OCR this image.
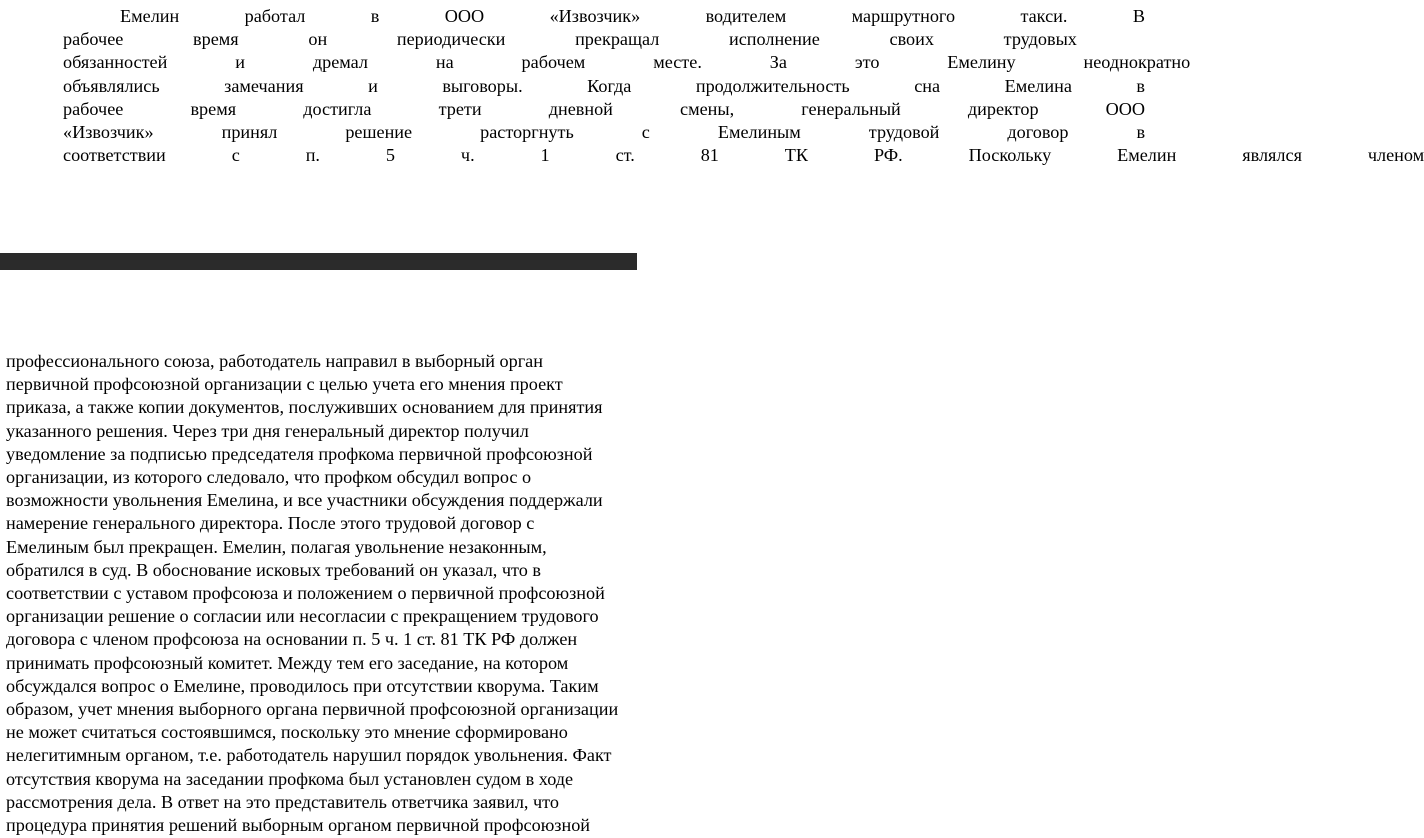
Емелин	работал	в	ООО	«Извозчик»	водителем	маршрутного	такси.	В
рабочее	время	он	периодически	прекращал	исполнение	своих	трудовых
обязанностей	и	дремал	на	рабочем	месте.	За	это	Емелину	неоднократно
объявлялись	замечания	и	выговоры.	Когда	продолжительность	сна	Емелина	в
рабочее	время	достигла	трети	дневной	смены,	генеральный	директор	ООО
«Извозчик»	принял	решение	расторгнуть	с	Емелиным	трудовой	договор	в
соответствии	с	п.	5	ч.	1	ст.	81	ТК	РФ.	Поскольку	Емелин	являлся	членом
профессионального союза, работодатель направил в выборный орган
первичной профсоюзной организации с целью учета его мнения проект
приказа, а также копии документов, послуживших основанием для принятия
указанного решения. Через три дня генеральный директор получил
уведомление за подписью председателя профкома первичной профсоюзной
организации, из которого следовало, что профком обсудил вопрос о
возможности увольнения Емелина, и все участники обсуждения поддержали
намерение генерального директора. После этого трудовой договор с
Емелиным был прекращен. Емелин, полагая увольнение незаконным,
обратился в суд. В обоснование исковых требований он указал, что в
соответствии с уставом профсоюза и положением о первичной профсоюзной
организации решение о согласии или несогласии с прекращением трудового
договора с членом профсоюза на основании п. 5 ч. 1 ст. 81 ТК РФ должен
принимать профсоюзный комитет. Между тем его заседание, на котором
обсуждался вопрос о Емелине, проводилось при отсутствии кворума. Таким
образом, учет мнения выборного органа первичной профсоюзной организации
не может считаться состоявшимся, поскольку это мнение сформировано
нелегитимным органом, т.е. работодатель нарушил порядок увольнения. Факт
отсутствия кворума на заседании профкома был установлен судом в ходе
рассмотрения дела. В ответ на это представитель ответчика заявил, что
процедура принятия решений выборным органом первичной профсоюзной
